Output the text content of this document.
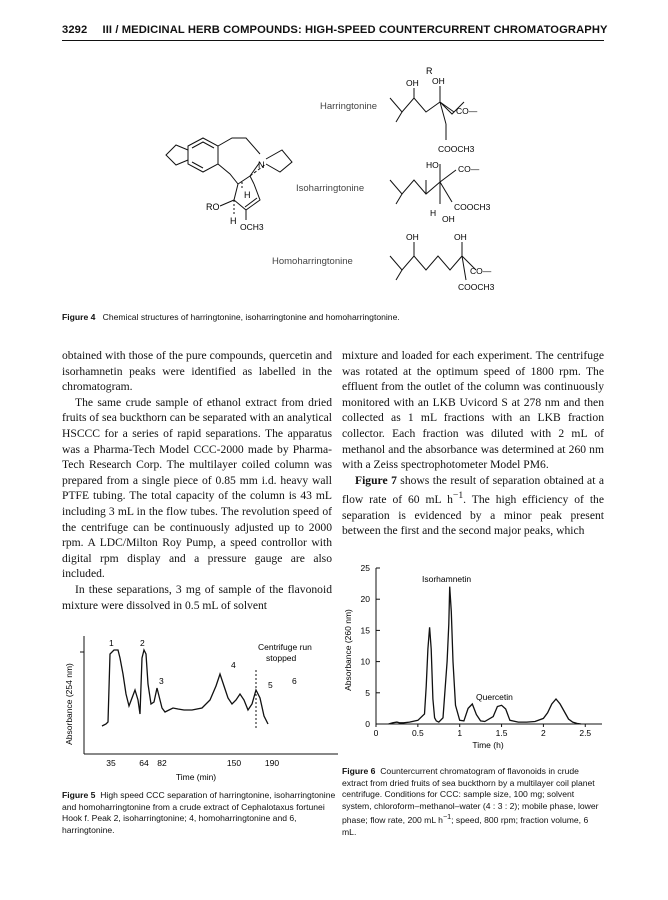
3292 III / MEDICINAL HERB COMPOUNDS: HIGH-SPEED COUNTERCURRENT CHROMATOGRAPHY
R
Harringtonine
Isoharringtonine
Homoharringtonine
N
H
RO
H
OCH3
OH OH
CO—
COOCH3
HO CO—
H
OH
COOCH3
OH	OH
CO—
COOCH3
Figure 4 Chemical structures of harringtonine, isoharringtonine and homoharringtonine.

obtained with those of the pure compounds, quercetin and isorhamnetin peaks were identified as labelled in the chromatogram.

The same crude sample of ethanol extract from dried fruits of sea buckthorn can be separated with an analytical HSCCC for a series of rapid separations. The apparatus was a Pharma-Tech Model CCC-2000 made by Pharma-Tech Research Corp. The multilayer coiled column was prepared from a single piece of 0.85 mm i.d. heavy wall PTFE tubing. The total capacity of the column is 43 mL including 3 mL in the flow tubes. The revolution speed of the centrifuge can be continuously adjusted up to 2000 rpm. A LDC/Milton Roy Pump, a speed controllor with digital rpm display and a pressure gauge are also included.

In these separations, 3 mg of sample of the flavonoid mixture were dissolved in 0.5 mL of solvent

mixture and loaded for each experiment. The centrifuge was rotated at the optimum speed of 1800 rpm. The effluent from the outlet of the column was continuously monitored with an LKB Uvicord S at 278 nm and then collected as 1 mL fractions with an LKB fraction collector. Each fraction was diluted with 2 mL of methanol and the absorbance was determined at 260 nm with a Zeiss spectrophotometer Model PM6.

Figure 7 shows the result of separation obtained at a flow rate of 60 mL $h^{-1}$. The high efficiency of the separation is evidenced by a minor peak present between the first and the second major peaks, which

1	2
3
4
5 6
Centrifuge run
stopped
35	64 82	150	190
Time (min)
Absorbance (254 nm)
Figure 5 High speed CCC separation of harringtonine, isoharringtonine and homoharringtonine from a crude extract of Cephalotaxus fortunei Hook f. Peak 2, isoharringtonine; 4, homoharringtonine and 6, harringtonine.
0
5
10
15
20
25
0	0.5	1	1.5	2	2.5
Isorhamnetin
Quercetin
Time (h)
Absorbance (260 nm)
Figure 6 Countercurrent chromatogram of flavonoids in crude extract from dried fruits of sea buckthorn by a multilayer coil planet centrifuge. Conditions for CCC: sample size, 100 mg; solvent system, chloroform–methanol–water (4 : 3 : 2); mobile phase, lower phase; flow rate, 200 mL $h^{-1}$; speed, 800 rpm; fraction volume, 6 mL.
